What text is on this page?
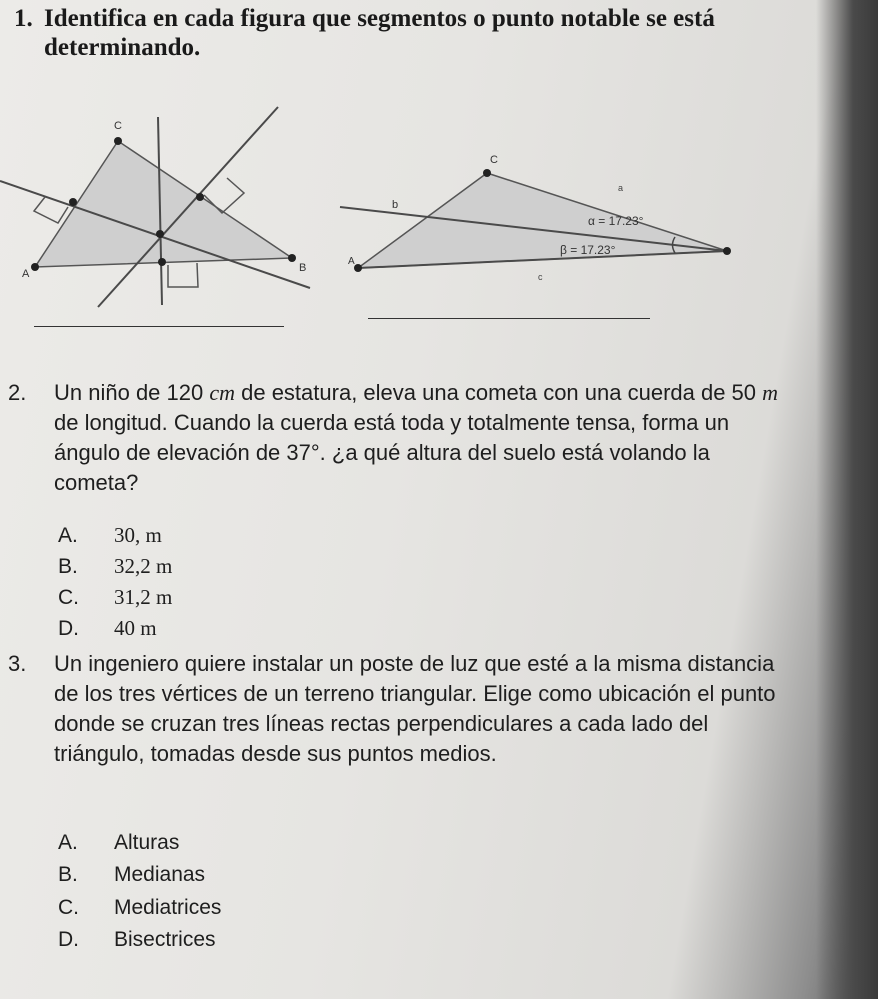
1. Identifica en cada figura que segmentos o punto notable se está determinando.
C
A	B
C
a
b
c
A
α = 17.23°
β = 17.23°
2. Un niño de 120 cm de estatura, eleva una cometa con una cuerda de 50 m de longitud. Cuando la cuerda está toda y totalmente tensa, forma un ángulo de elevación de 37°. ¿a qué altura del suelo está volando la cometa?
A. 30, m
B. 32,2 m
C. 31,2 m
D. 40 m
3. Un ingeniero quiere instalar un poste de luz que esté a la misma distancia de los tres vértices de un terreno triangular. Elige como ubicación el punto donde se cruzan tres líneas rectas perpendiculares a cada lado del triángulo, tomadas desde sus puntos medios.
A. Alturas
B. Medianas
C. Mediatrices
D. Bisectrices
